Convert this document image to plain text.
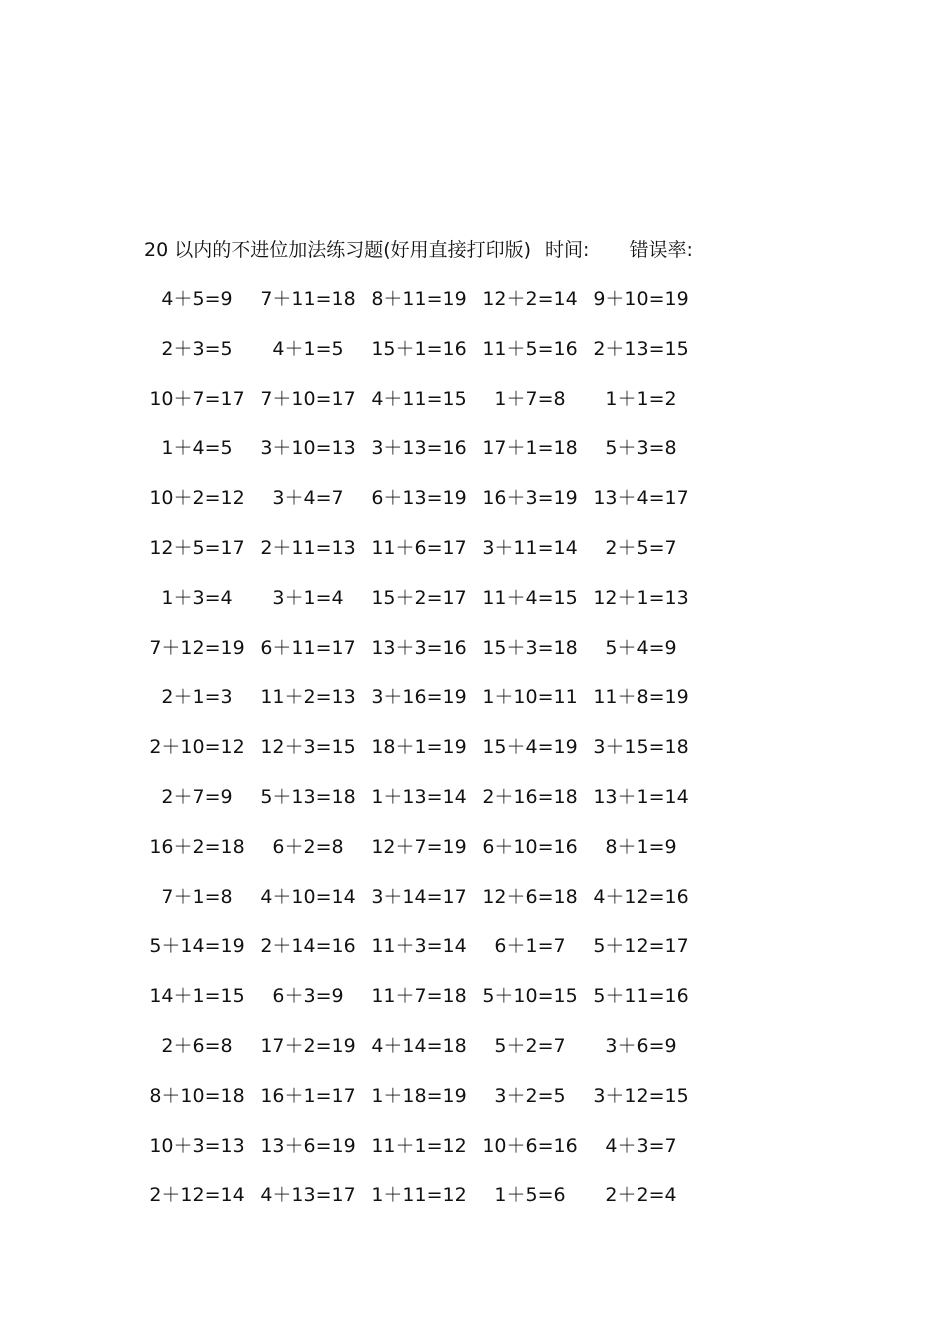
20 以内的不进位加法练习题(好用直接打印版) 时间: 错误率:
4＋5=9	7＋11=18 8＋11=19 12＋2=14 9＋10=19
2＋3=5	4＋1=5	15＋1=16 11＋5=16 2＋13=15
10＋7=17 7＋10=17 4＋11=15	1＋7=8	1＋1=2
1＋4=5	3＋10=13 3＋13=16 17＋1=18	5＋3=8
10＋2=12	3＋4=7	6＋13=19 16＋3=19 13＋4=17
12＋5=17 2＋11=13 11＋6=17 3＋11=14	2＋5=7
1＋3=4	3＋1=4	15＋2=17 11＋4=15 12＋1=13
7＋12=19 6＋11=17 13＋3=16 15＋3=18	5＋4=9
2＋1=3	11＋2=13 3＋16=19 1＋10=11 11＋8=19
2＋10=12 12＋3=15 18＋1=19 15＋4=19 3＋15=18
2＋7=9	5＋13=18 1＋13=14 2＋16=18 13＋1=14
16＋2=18	6＋2=8	12＋7=19 6＋10=16	8＋1=9
7＋1=8	4＋10=14 3＋14=17 12＋6=18 4＋12=16
5＋14=19 2＋14=16 11＋3=14	6＋1=7	5＋12=17
14＋1=15	6＋3=9	11＋7=18 5＋10=15 5＋11=16
2＋6=8	17＋2=19 4＋14=18	5＋2=7	3＋6=9
8＋10=18 16＋1=17 1＋18=19	3＋2=5	3＋12=15
10＋3=13 13＋6=19 11＋1=12 10＋6=16	4＋3=7
2＋12=14 4＋13=17 1＋11=12	1＋5=6	2＋2=4
